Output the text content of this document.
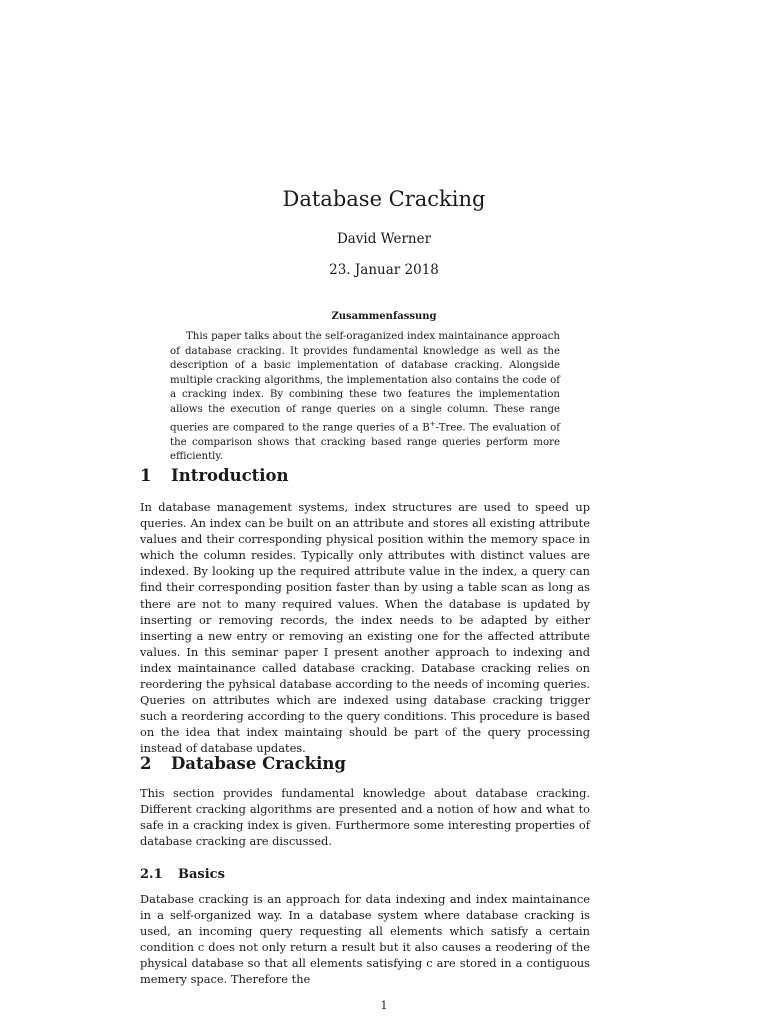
Database Cracking
David Werner
23. Januar 2018
Zusammenfassung

This paper talks about the self-oraganized index maintainance approach of database cracking. It provides fundamental knowledge as well as the description of a basic implementation of database cracking. Alongside multiple cracking algorithms, the implementation also contains the code of a cracking index. By combining these two features the implementation allows the execution of range queries on a single column. These range queries are compared to the range queries of a B+-Tree. The evaluation of the comparison shows that cracking based range queries perform more efficiently.

1 Introduction

In database management systems, index structures are used to speed up queries. An index can be built on an attribute and stores all existing attribute values and their corresponding physical position within the memory space in which the column resides. Typically only attributes with distinct values are indexed. By looking up the required attribute value in the index, a query can find their corresponding position faster than by using a table scan as long as there are not to many required values. When the database is updated by inserting or removing records, the index needs to be adapted by either inserting a new entry or removing an existing one for the affected attribute values. In this seminar paper I present another approach to indexing and index maintainance called database cracking. Database cracking relies on reordering the pyhsical database according to the needs of incoming queries. Queries on attributes which are indexed using database cracking trigger such a reordering according to the query conditions. This procedure is based on the idea that index maintaing should be part of the query processing instead of database updates.

2 Database Cracking

This section provides fundamental knowledge about database cracking. Different cracking algorithms are presented and a notion of how and what to safe in a cracking index is given. Furthermore some interesting properties of database cracking are discussed.

2.1 Basics

Database cracking is an approach for data indexing and index maintainance in a self-organized way. In a database system where database cracking is used, an incoming query requesting all elements which satisfy a certain condition c does not only return a result but it also causes a reodering of the physical database so that all elements satisfying c are stored in a contiguous memery space. Therefore the

1
